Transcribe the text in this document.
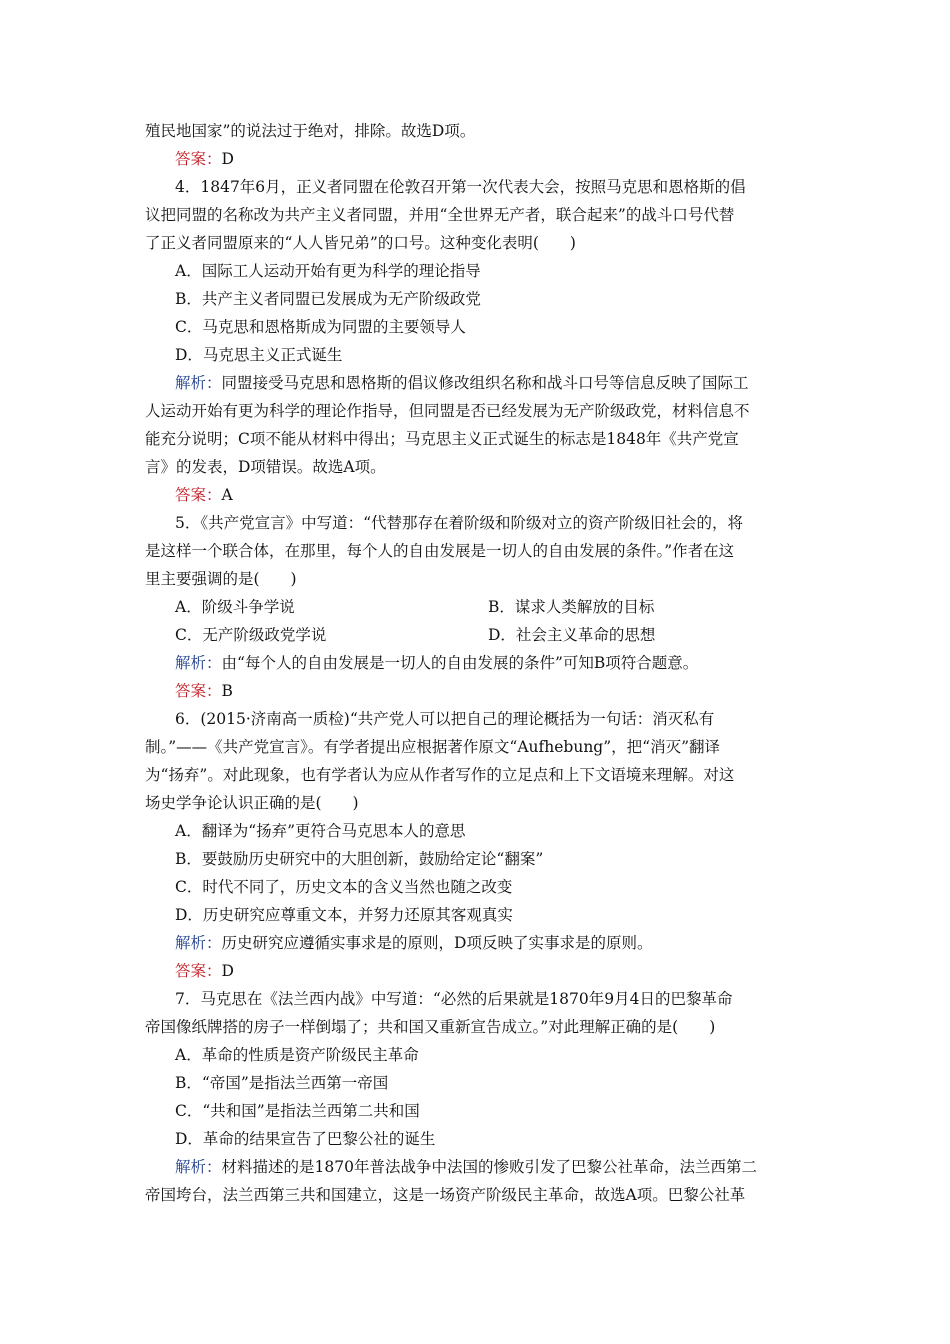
殖民地国家”的说法过于绝对，排除。故选D项。
答案：D
4．1847年6月，正义者同盟在伦敦召开第一次代表大会，按照马克思和恩格斯的倡
议把同盟的名称改为共产主义者同盟，并用“全世界无产者，联合起来”的战斗口号代替
了正义者同盟原来的“人人皆兄弟”的口号。这种变化表明(　　)
A．国际工人运动开始有更为科学的理论指导
B．共产主义者同盟已发展成为无产阶级政党
C．马克思和恩格斯成为同盟的主要领导人
D．马克思主义正式诞生
解析：同盟接受马克思和恩格斯的倡议修改组织名称和战斗口号等信息反映了国际工
人运动开始有更为科学的理论作指导，但同盟是否已经发展为无产阶级政党，材料信息不
能充分说明；C项不能从材料中得出；马克思主义正式诞生的标志是1848年《共产党宣
言》的发表，D项错误。故选A项。
答案：A
5．《共产党宣言》中写道：“代替那存在着阶级和阶级对立的资产阶级旧社会的，将
是这样一个联合体，在那里，每个人的自由发展是一切人的自由发展的条件。”作者在这
里主要强调的是(　　)
A．阶级斗争学说	B．谋求人类解放的目标
C．无产阶级政党学说	D．社会主义革命的思想
解析：由“每个人的自由发展是一切人的自由发展的条件”可知B项符合题意。
答案：B
6．(2015·济南高一质检)“共产党人可以把自己的理论概括为一句话：消灭私有
制。”——《共产党宣言》。有学者提出应根据著作原文“Aufhebung”，把“消灭”翻译
为“扬弃”。对此现象，也有学者认为应从作者写作的立足点和上下文语境来理解。对这
场史学争论认识正确的是(　　)
A．翻译为“扬弃”更符合马克思本人的意思
B．要鼓励历史研究中的大胆创新，鼓励给定论“翻案”
C．时代不同了，历史文本的含义当然也随之改变
D．历史研究应尊重文本，并努力还原其客观真实
解析：历史研究应遵循实事求是的原则，D项反映了实事求是的原则。
答案：D
7．马克思在《法兰西内战》中写道：“必然的后果就是1870年9月4日的巴黎革命
帝国像纸牌搭的房子一样倒塌了；共和国又重新宣告成立。”对此理解正确的是(　　)
A．革命的性质是资产阶级民主革命
B．“帝国”是指法兰西第一帝国
C．“共和国”是指法兰西第二共和国
D．革命的结果宣告了巴黎公社的诞生
解析：材料描述的是1870年普法战争中法国的惨败引发了巴黎公社革命，法兰西第二
帝国垮台，法兰西第三共和国建立，这是一场资产阶级民主革命，故选A项。巴黎公社革
